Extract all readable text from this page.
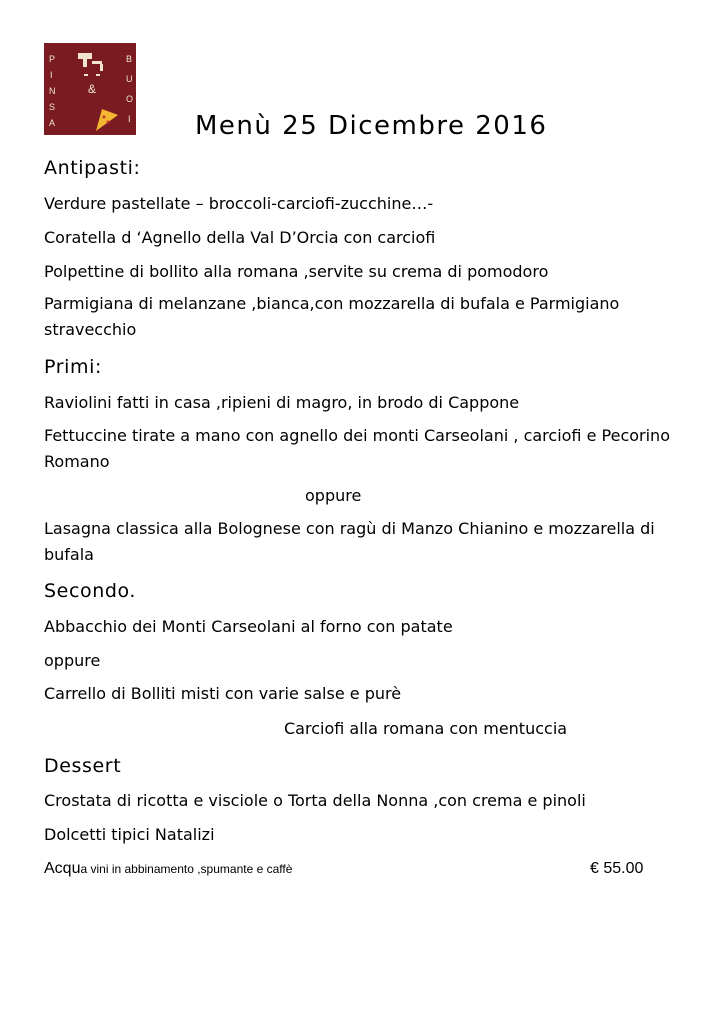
P
I
N
S
A
B
U
O
I
&
Menù 25 Dicembre 2016
Antipasti:
Verdure pastellate – broccoli-carciofi-zucchine…-
Coratella d ‘Agnello della Val D’Orcia con carciofi
Polpettine di bollito alla romana ,servite su crema di pomodoro
Parmigiana di melanzane ,bianca,con mozzarella di bufala e Parmigiano stravecchio
Primi:
Raviolini fatti in casa ,ripieni di magro, in brodo di Cappone
Fettuccine tirate a mano con agnello dei monti Carseolani , carciofi e Pecorino Romano
oppure
Lasagna classica alla Bolognese con ragù di Manzo Chianino e mozzarella di bufala
Secondo.
Abbacchio dei Monti Carseolani al forno con patate
oppure
Carrello di Bolliti misti con varie salse e purè
Carciofi alla romana con mentuccia
Dessert
Crostata di ricotta e visciole o Torta della Nonna ,con crema e pinoli
Dolcetti tipici Natalizi
Acqua vini in abbinamento ,spumante e caffè	€ 55.00
